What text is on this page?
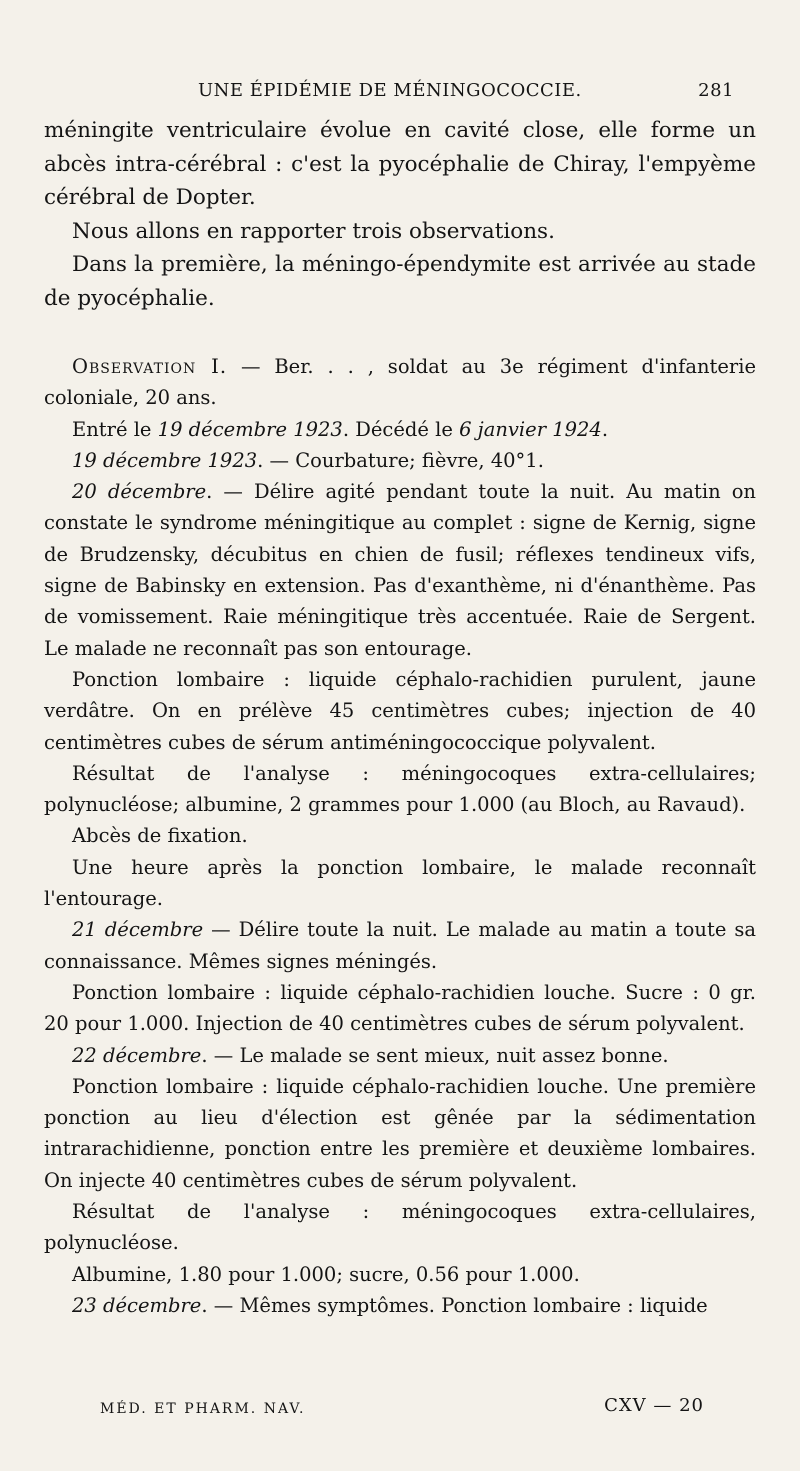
UNE ÉPIDÉMIE DE MÉNINGOCOCCIE.	281

méningite ventriculaire évolue en cavité close, elle forme un abcès intra-cérébral : c'est la pyocéphalie de Chiray, l'empyème cérébral de Dopter.

Nous allons en rapporter trois observations.

Dans la première, la méningo-épendymite est arrivée au stade de pyocéphalie.

Observation I. — Ber. . . , soldat au 3e régiment d'infanterie coloniale, 20 ans.

Entré le 19 décembre 1923. Décédé le 6 janvier 1924.

19 décembre 1923. — Courbature; fièvre, 40°1.

20 décembre. — Délire agité pendant toute la nuit. Au matin on constate le syndrome méningitique au complet : signe de Kernig, signe de Brudzensky, décubitus en chien de fusil; réflexes tendineux vifs, signe de Babinsky en extension. Pas d'exanthème, ni d'énanthème. Pas de vomissement. Raie méningitique très accentuée. Raie de Sergent. Le malade ne reconnaît pas son entourage.

Ponction lombaire : liquide céphalo-rachidien purulent, jaune verdâtre. On en prélève 45 centimètres cubes; injection de 40 centimètres cubes de sérum antiméningococcique polyvalent.

Résultat de l'analyse : méningocoques extra-cellulaires; polynucléose; albumine, 2 grammes pour 1.000 (au Bloch, au Ravaud).

Abcès de fixation.

Une heure après la ponction lombaire, le malade reconnaît l'entourage.

21 décembre — Délire toute la nuit. Le malade au matin a toute sa connaissance. Mêmes signes méningés.

Ponction lombaire : liquide céphalo-rachidien louche. Sucre : 0 gr. 20 pour 1.000. Injection de 40 centimètres cubes de sérum polyvalent.

22 décembre. — Le malade se sent mieux, nuit assez bonne.

Ponction lombaire : liquide céphalo-rachidien louche. Une première ponction au lieu d'élection est gênée par la sédimentation intrarachidienne, ponction entre les première et deuxième lombaires. On injecte 40 centimètres cubes de sérum polyvalent.

Résultat de l'analyse : méningocoques extra-cellulaires, polynucléose.

Albumine, 1.80 pour 1.000; sucre, 0.56 pour 1.000.

23 décembre. — Mêmes symptômes. Ponction lombaire : liquide

MÉD. ET PHARM. NAV.	CXV — 20
